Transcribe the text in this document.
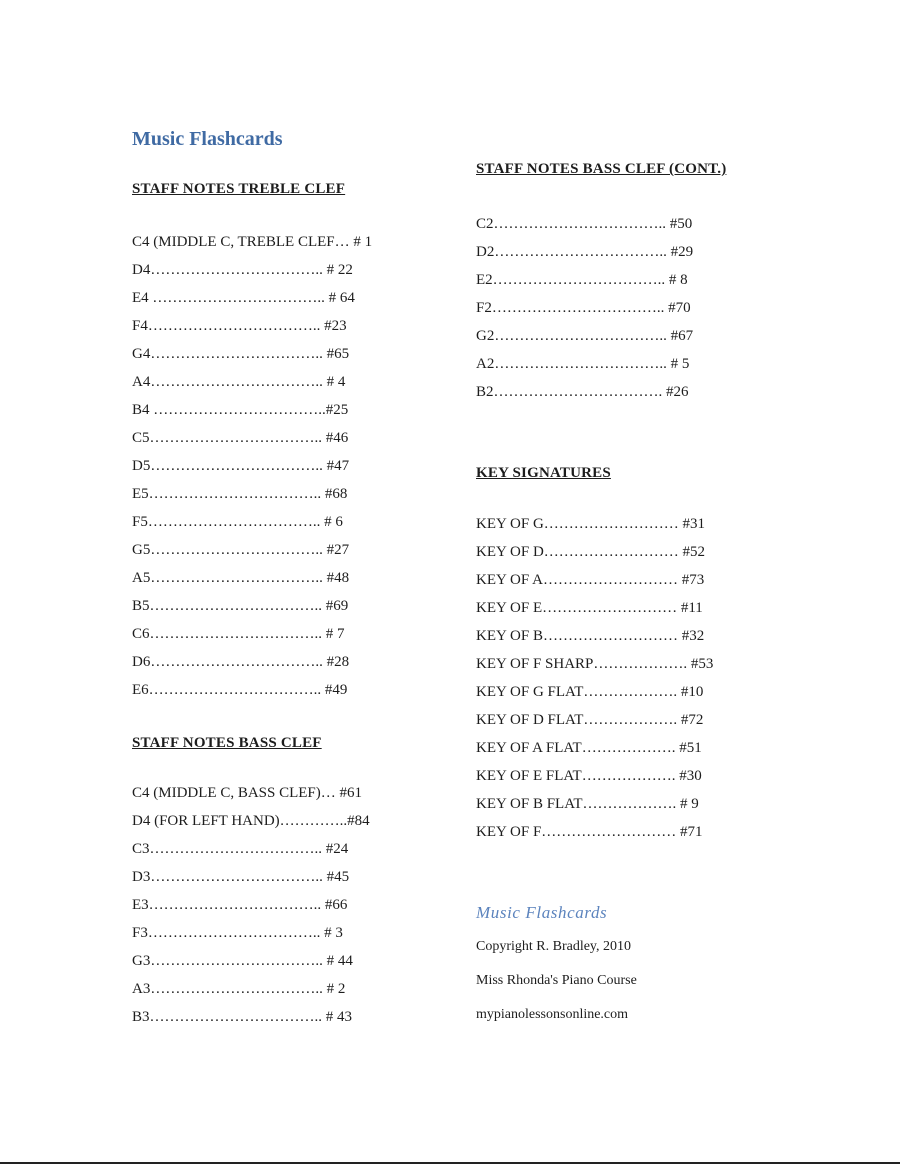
Music Flashcards
STAFF NOTES TREBLE CLEF
C4 (MIDDLE C, TREBLE CLEF… # 1
D4…………………………….. # 22
E4 …………………………….. # 64
F4…………………………….. #23
G4…………………………….. #65
A4…………………………….. # 4
B4 ……………………………..#25
C5…………………………….. #46
D5…………………………….. #47
E5…………………………….. #68
F5…………………………….. # 6
G5…………………………….. #27
A5…………………………….. #48
B5…………………………….. #69
C6…………………………….. # 7
D6…………………………….. #28
E6…………………………….. #49
STAFF NOTES BASS CLEF
C4 (MIDDLE C, BASS CLEF)… #61
D4 (FOR LEFT HAND)…………..#84
C3…………………………….. #24
D3…………………………….. #45
E3…………………………….. #66
F3…………………………….. # 3
G3…………………………….. # 44
A3…………………………….. # 2
B3…………………………….. # 43
STAFF NOTES BASS CLEF (CONT.)
C2…………………………….. #50
D2…………………………….. #29
E2…………………………….. # 8
F2…………………………….. #70
G2…………………………….. #67
A2…………………………….. # 5
B2……………………………. #26
KEY SIGNATURES
KEY OF G……………………… #31
KEY OF D……………………… #52
KEY OF A……………………… #73
KEY OF E……………………… #11
KEY OF B……………………… #32
KEY OF F SHARP………………. #53
KEY OF G FLAT………………. #10
KEY OF D FLAT………………. #72
KEY OF A FLAT………………. #51
KEY OF E FLAT………………. #30
KEY OF B FLAT………………. # 9
KEY OF F……………………… #71
Music Flashcards
Copyright R. Bradley, 2010
Miss Rhonda's Piano Course
mypianolessonsonline.com
